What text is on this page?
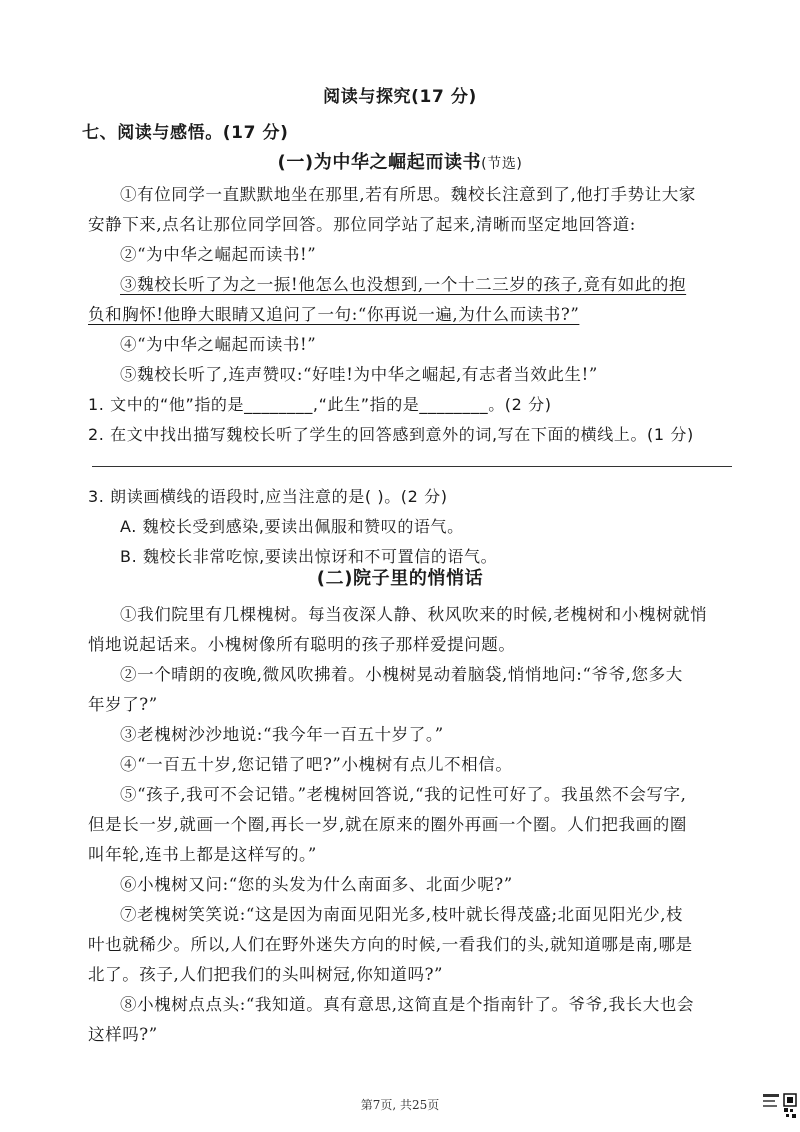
阅读与探究(17 分)
七、阅读与感悟。(17 分)
(一)为中华之崛起而读书(节选)
①有位同学一直默默地坐在那里,若有所思。魏校长注意到了,他打手势让大家
安静下来,点名让那位同学回答。那位同学站了起来,清晰而坚定地回答道:
②“为中华之崛起而读书!”
③魏校长听了为之一振!他怎么也没想到,一个十二三岁的孩子,竟有如此的抱
负和胸怀!他睁大眼睛又追问了一句:“你再说一遍,为什么而读书?”
④“为中华之崛起而读书!”
⑤魏校长听了,连声赞叹:“好哇!为中华之崛起,有志者当效此生!”
1. 文中的“他”指的是________,“此生”指的是________。(2 分)
2. 在文中找出描写魏校长听了学生的回答感到意外的词,写在下面的横线上。(1 分)
3. 朗读画横线的语段时,应当注意的是( )。(2 分)
A. 魏校长受到感染,要读出佩服和赞叹的语气。
B. 魏校长非常吃惊,要读出惊讶和不可置信的语气。
(二)院子里的悄悄话
①我们院里有几棵槐树。每当夜深人静、秋风吹来的时候,老槐树和小槐树就悄
悄地说起话来。小槐树像所有聪明的孩子那样爱提问题。
②一个晴朗的夜晚,微风吹拂着。小槐树晃动着脑袋,悄悄地问:“爷爷,您多大
年岁了?”
③老槐树沙沙地说:“我今年一百五十岁了。”
④“一百五十岁,您记错了吧?”小槐树有点儿不相信。
⑤“孩子,我可不会记错。”老槐树回答说,“我的记性可好了。我虽然不会写字,
但是长一岁,就画一个圈,再长一岁,就在原来的圈外再画一个圈。人们把我画的圈
叫年轮,连书上都是这样写的。”
⑥小槐树又问:“您的头发为什么南面多、北面少呢?”
⑦老槐树笑笑说:“这是因为南面见阳光多,枝叶就长得茂盛;北面见阳光少,枝
叶也就稀少。所以,人们在野外迷失方向的时候,一看我们的头,就知道哪是南,哪是
北了。孩子,人们把我们的头叫树冠,你知道吗?”
⑧小槐树点点头:“我知道。真有意思,这简直是个指南针了。爷爷,我长大也会
这样吗?”
第7页, 共25页
